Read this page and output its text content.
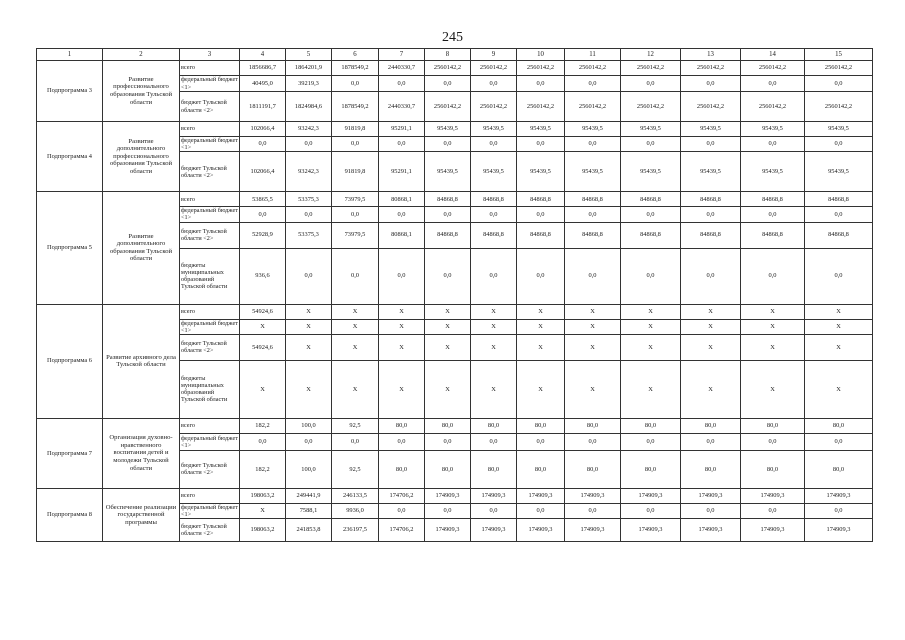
245
1	2	3	4	5	6	7	8	9	10	11	12	13	14	15
Подпрограмма 3	Развитие профессионального образования Тульской области	всего	1856686,7	1864201,9	1878549,2	2440330,7	2560142,2	2560142,2	2560142,2	2560142,2	2560142,2	2560142,2	2560142,2	2560142,2
		федеральный бюджет <1>	40495,0	39219,3	0,0	0,0	0,0	0,0	0,0	0,0	0,0	0,0	0,0	0,0
		бюджет Тульской области <2>	1811191,7	1824984,6	1878549,2	2440330,7	2560142,2	2560142,2	2560142,2	2560142,2	2560142,2	2560142,2	2560142,2	2560142,2
Подпрограмма 4	Развитие дополнительного профессионального образования Тульской области	всего	102066,4	93242,3	91819,8	95291,1	95439,5	95439,5	95439,5	95439,5	95439,5	95439,5	95439,5	95439,5
		федеральный бюджет <1>	0,0	0,0	0,0	0,0	0,0	0,0	0,0	0,0	0,0	0,0	0,0	0,0
		бюджет Тульской области <2>	102066,4	93242,3	91819,8	95291,1	95439,5	95439,5	95439,5	95439,5	95439,5	95439,5	95439,5	95439,5
Подпрограмма 5	Развитие дополнительного образования Тульской области	всего	53865,5	53375,3	73979,5	80868,1	84868,8	84868,8	84868,8	84868,8	84868,8	84868,8	84868,8	84868,8
		федеральный бюджет <1>	0,0	0,0	0,0	0,0	0,0	0,0	0,0	0,0	0,0	0,0	0,0	0,0
		бюджет Тульской области <2>	52928,9	53375,3	73979,5	80868,1	84868,8	84868,8	84868,8	84868,8	84868,8	84868,8	84868,8	84868,8
		бюджеты муниципальных образований Тульской области	936,6	0,0	0,0	0,0	0,0	0,0	0,0	0,0	0,0	0,0	0,0	0,0
Подпрограмма 6	Развитие архивного дела Тульской области	всего	54924,6	Х	Х	Х	Х	Х	Х	Х	Х	Х	Х	Х
		федеральный бюджет <1>	Х	Х	Х	Х	Х	Х	Х	Х	Х	Х	Х	Х
		бюджет Тульской области <2>	54924,6	Х	Х	Х	Х	Х	Х	Х	Х	Х	Х	Х
		бюджеты муниципальных образований Тульской области	Х	Х	Х	Х	Х	Х	Х	Х	Х	Х	Х	Х
Подпрограмма 7	Организация духовно-нравственного воспитания детей и молодежи Тульской области	всего	182,2	100,0	92,5	80,0	80,0	80,0	80,0	80,0	80,0	80,0	80,0	80,0
		федеральный бюджет <1>	0,0	0,0	0,0	0,0	0,0	0,0	0,0	0,0	0,0	0,0	0,0	0,0
		бюджет Тульской области <2>	182,2	100,0	92,5	80,0	80,0	80,0	80,0	80,0	80,0	80,0	80,0	80,0
Подпрограмма 8	Обеспечение реализации государственной программы	всего	198063,2	249441,9	246133,5	174706,2	174909,3	174909,3	174909,3	174909,3	174909,3	174909,3	174909,3	174909,3
		федеральный бюджет <1>	Х	7588,1	9936,0	0,0	0,0	0,0	0,0	0,0	0,0	0,0	0,0	0,0
		бюджет Тульской области <2>	198063,2	241853,8	236197,5	174706,2	174909,3	174909,3	174909,3	174909,3	174909,3	174909,3	174909,3	174909,3
